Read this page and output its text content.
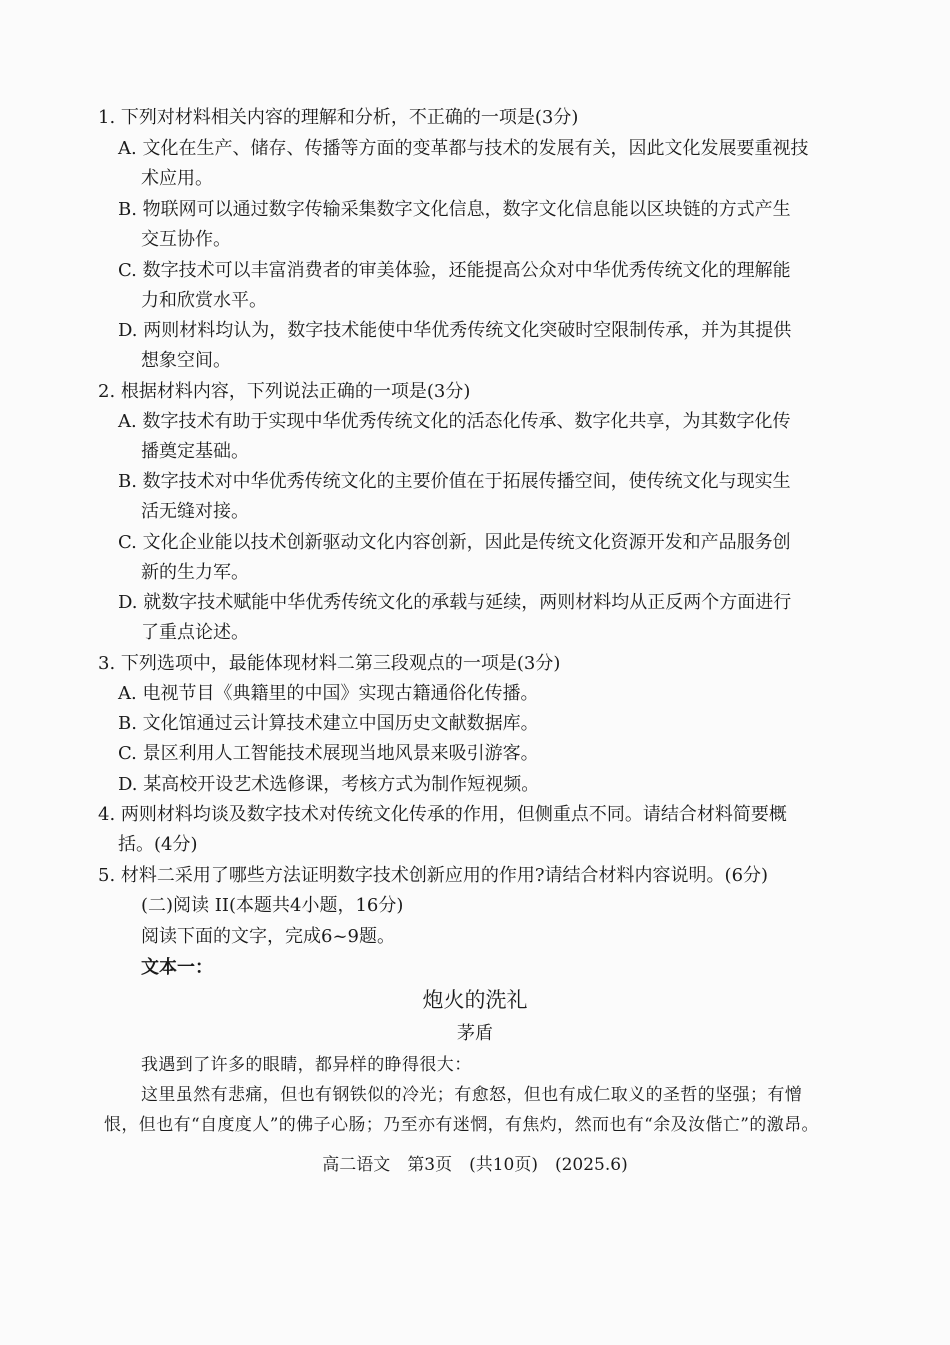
1. 下列对材料相关内容的理解和分析，不正确的一项是(3分)
A. 文化在生产、储存、传播等方面的变革都与技术的发展有关，因此文化发展要重视技
术应用。
B. 物联网可以通过数字传输采集数字文化信息，数字文化信息能以区块链的方式产生
交互协作。
C. 数字技术可以丰富消费者的审美体验，还能提高公众对中华优秀传统文化的理解能
力和欣赏水平。
D. 两则材料均认为，数字技术能使中华优秀传统文化突破时空限制传承，并为其提供
想象空间。
2. 根据材料内容，下列说法正确的一项是(3分)
A. 数字技术有助于实现中华优秀传统文化的活态化传承、数字化共享，为其数字化传
播奠定基础。
B. 数字技术对中华优秀传统文化的主要价值在于拓展传播空间，使传统文化与现实生
活无缝对接。
C. 文化企业能以技术创新驱动文化内容创新，因此是传统文化资源开发和产品服务创
新的生力军。
D. 就数字技术赋能中华优秀传统文化的承载与延续，两则材料均从正反两个方面进行
了重点论述。
3. 下列选项中，最能体现材料二第三段观点的一项是(3分)
A. 电视节目《典籍里的中国》实现古籍通俗化传播。
B. 文化馆通过云计算技术建立中国历史文献数据库。
C. 景区利用人工智能技术展现当地风景来吸引游客。
D. 某高校开设艺术选修课，考核方式为制作短视频。
4. 两则材料均谈及数字技术对传统文化传承的作用，但侧重点不同。请结合材料简要概
括。(4分)
5. 材料二采用了哪些方法证明数字技术创新应用的作用?请结合材料内容说明。(6分)
(二)阅读 II(本题共4小题，16分)
阅读下面的文字，完成6~9题。
文本一：
炮火的洗礼
茅盾
我遇到了许多的眼睛，都异样的睁得很大：
这里虽然有悲痛，但也有钢铁似的冷光；有愈怒，但也有成仁取义的圣哲的坚强；有憎
恨，但也有“自度度人”的佛子心肠；乃至亦有迷惘，有焦灼，然而也有“余及汝偕亡”的激昂。
高二语文　第3页　(共10页)　(2025.6)
